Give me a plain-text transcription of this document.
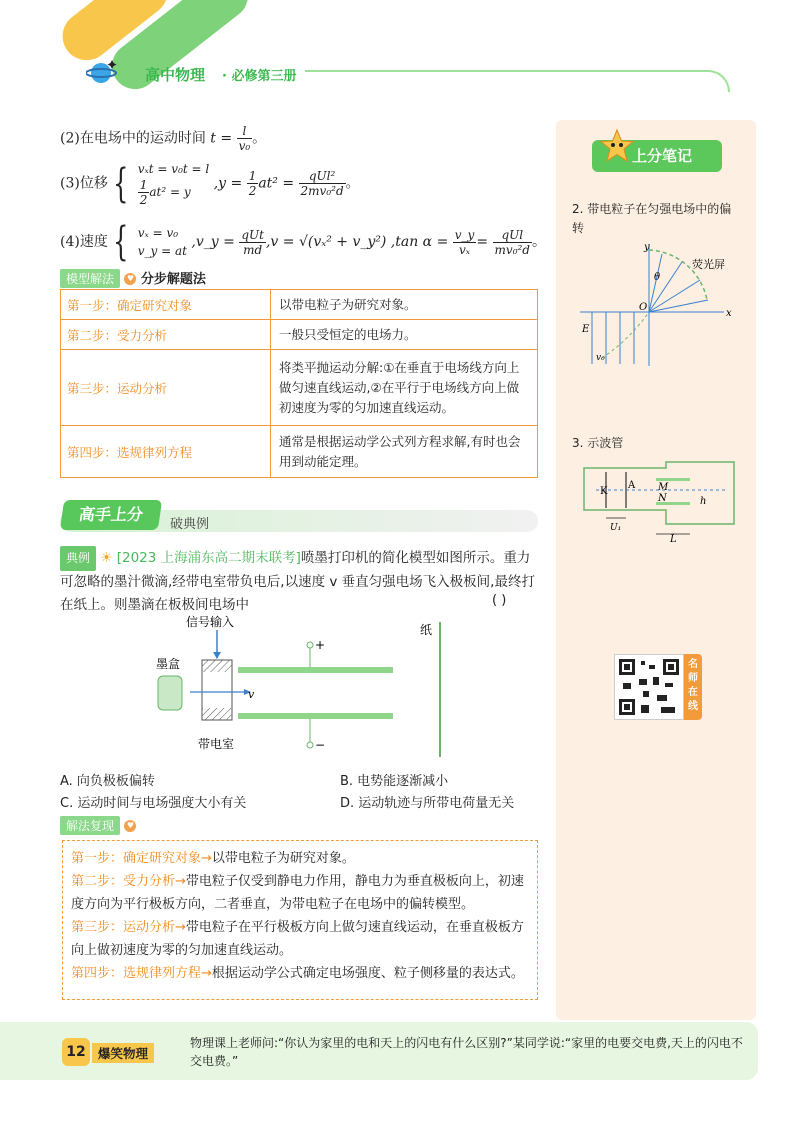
高中物理 · 必修第三册
(2)在电场中的运动时间 $t = \frac{l}{\text{v₀}}$ 。
(3)位移 { vₓt = v₀t = l
$\frac{1}{2} at^2 = y$
$,y = \frac{1}{2} at^2 = \frac{\text{qUl²}}{\text{2mv₀²d}}$ 。
(4)速度 { vₓ = v₀
v_y = at
,v_y = $\frac{\text{qUt}}{md} ,v = √(v_x^2$ + v_y²) ,tan $\alpha = \frac{v\_y}{\text{vₓ}} = \frac{\text{qUl}}{\text{mv₀²d}}$ 。
模型解法 ♥ 分步解题法
第一步：确定研究对象	以带电粒子为研究对象。
第二步：受力分析	一般只受恒定的电场力。
第三步：运动分析	将类平抛运动分解:①在垂直于电场线方向上做匀速直线运动,②在平行于电场线方向上做初速度为零的匀加速直线运动。
第四步：选规律列方程	通常是根据运动学公式列方程求解,有时也会用到动能定理。
高手上分
破典例
典例 ☀ [2023 上海浦东高二期末联考]喷墨打印机的简化模型如图所示。重力可忽略的墨汁微滴,经带电室带负电后,以速度 v 垂直匀强电场飞入极板间,最终打在纸上。则墨滴在板极间电场中	( )
信号输入
墨盒
带电室
纸
v
+
−
A. 向负极板偏转	B. 电势能逐渐减小
C. 运动时间与电场强度大小有关	D. 运动轨迹与所带电荷量无关
解法复现 ♥
第一步：确定研究对象→以带电粒子为研究对象。
第二步：受力分析→带电粒子仅受到静电力作用，静电力为垂直极板向上，初速度方向为平行极板方向，二者垂直，为带电粒子在电场中的偏转模型。
第三步：运动分析→带电粒子在平行极板方向上做匀速直线运动，在垂直极板方向上做初速度为零的匀加速直线运动。
第四步：选规律列方程→根据运动学公式确定电场强度、粒子侧移量的表达式。
上分笔记
2. 带电粒子在匀强电场中的偏转
y
x
O
E
θ
v₀
荧光屏
3. 示波管
K
A M
N	h
U₁
L
名师在线
12 爆笑物理
物理课上老师问:“你认为家里的电和天上的闪电有什么区别?”某同学说:“家里的电要交电费,天上的闪电不交电费。”
